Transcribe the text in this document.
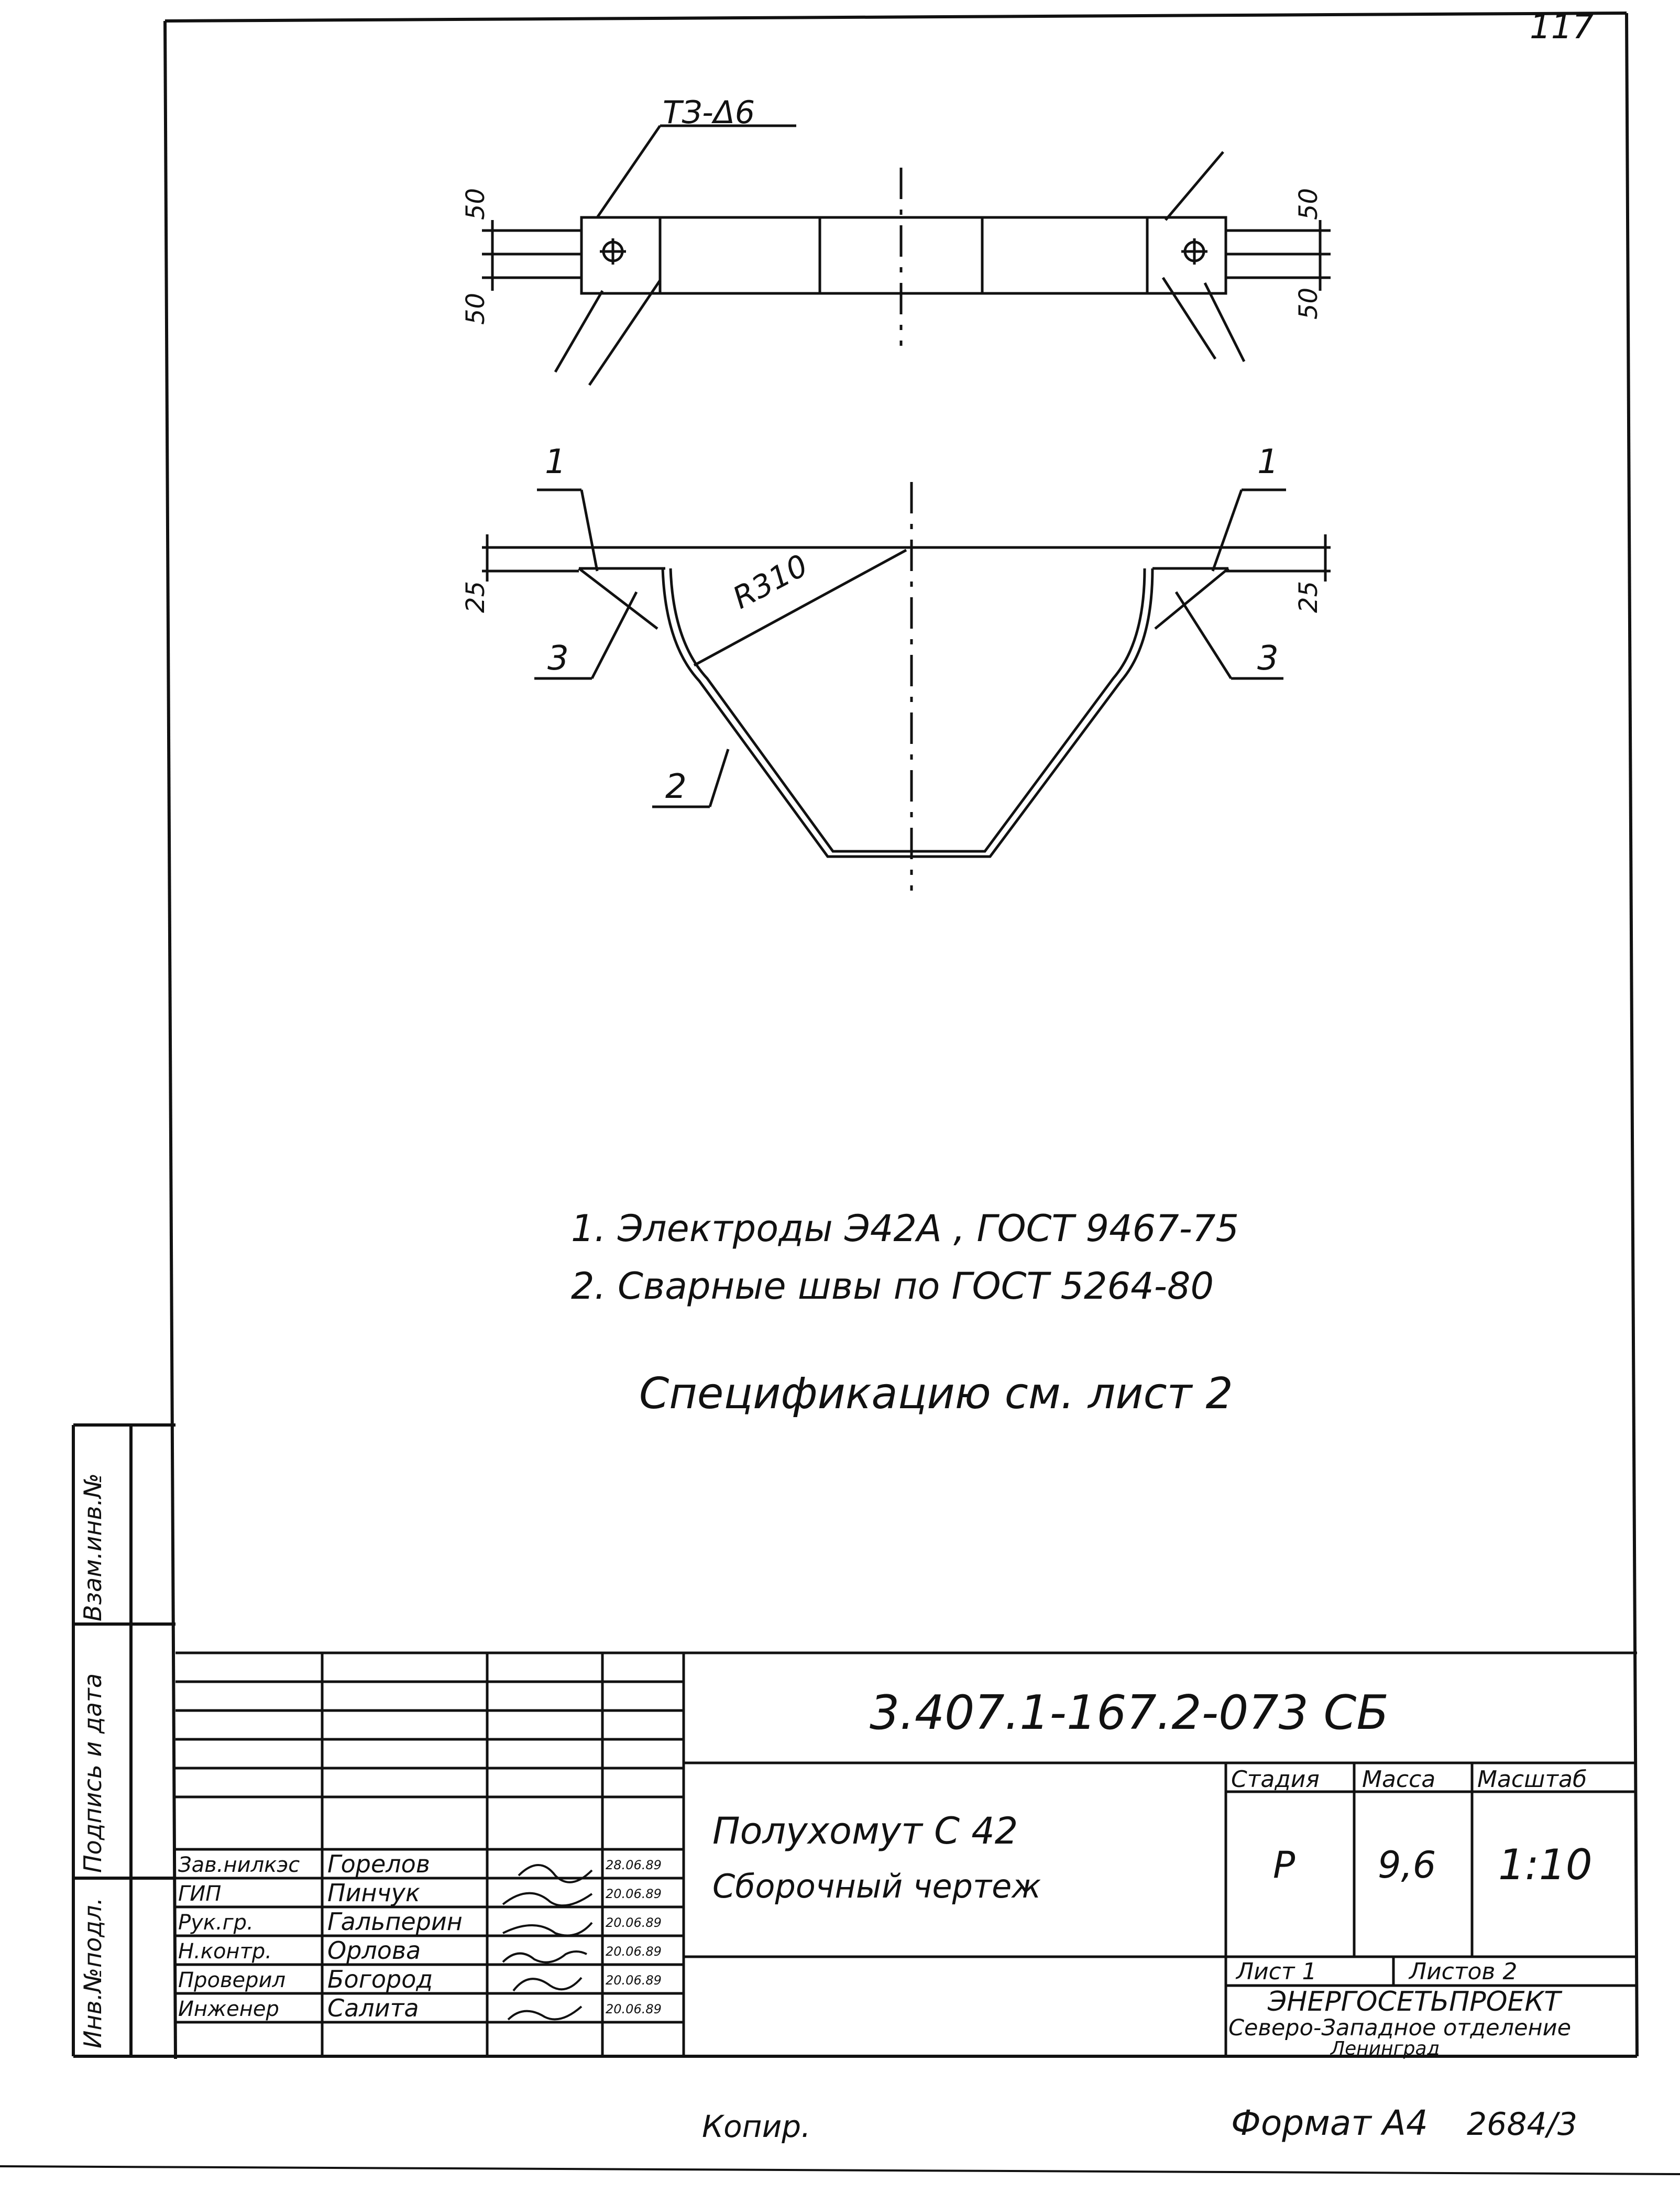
117
ТЗ-Δ6
50
50
50
50
1	1
3	3
2
R310
25	25
1. Электроды Э42А , ГОСТ 9467-75
2. Сварные швы по ГОСТ 5264-80
Спецификацию см. лист 2
Инв.№подл.
Подпись и дата
Взам.инв.№
3.407.1-167.2-073 СБ
Полухомут С 42
Сборочный чертеж
Стадия Масса Масштаб
Р 9,6 1:10
Лист 1	Листов 2
ЭНЕРГОСЕТЬПРОЕКТ
Северо-Западное отделение
Ленинград
Зав.нилкэс Горелов	28.06.89
ГИП	Пинчук	20.06.89
Рук.гр.	Гальперин	20.06.89
Н.контр. Орлова	20.06.89
Проверил Богород	20.06.89
Инженер Салита	20.06.89
Копир.	Формат А4 2684/3
